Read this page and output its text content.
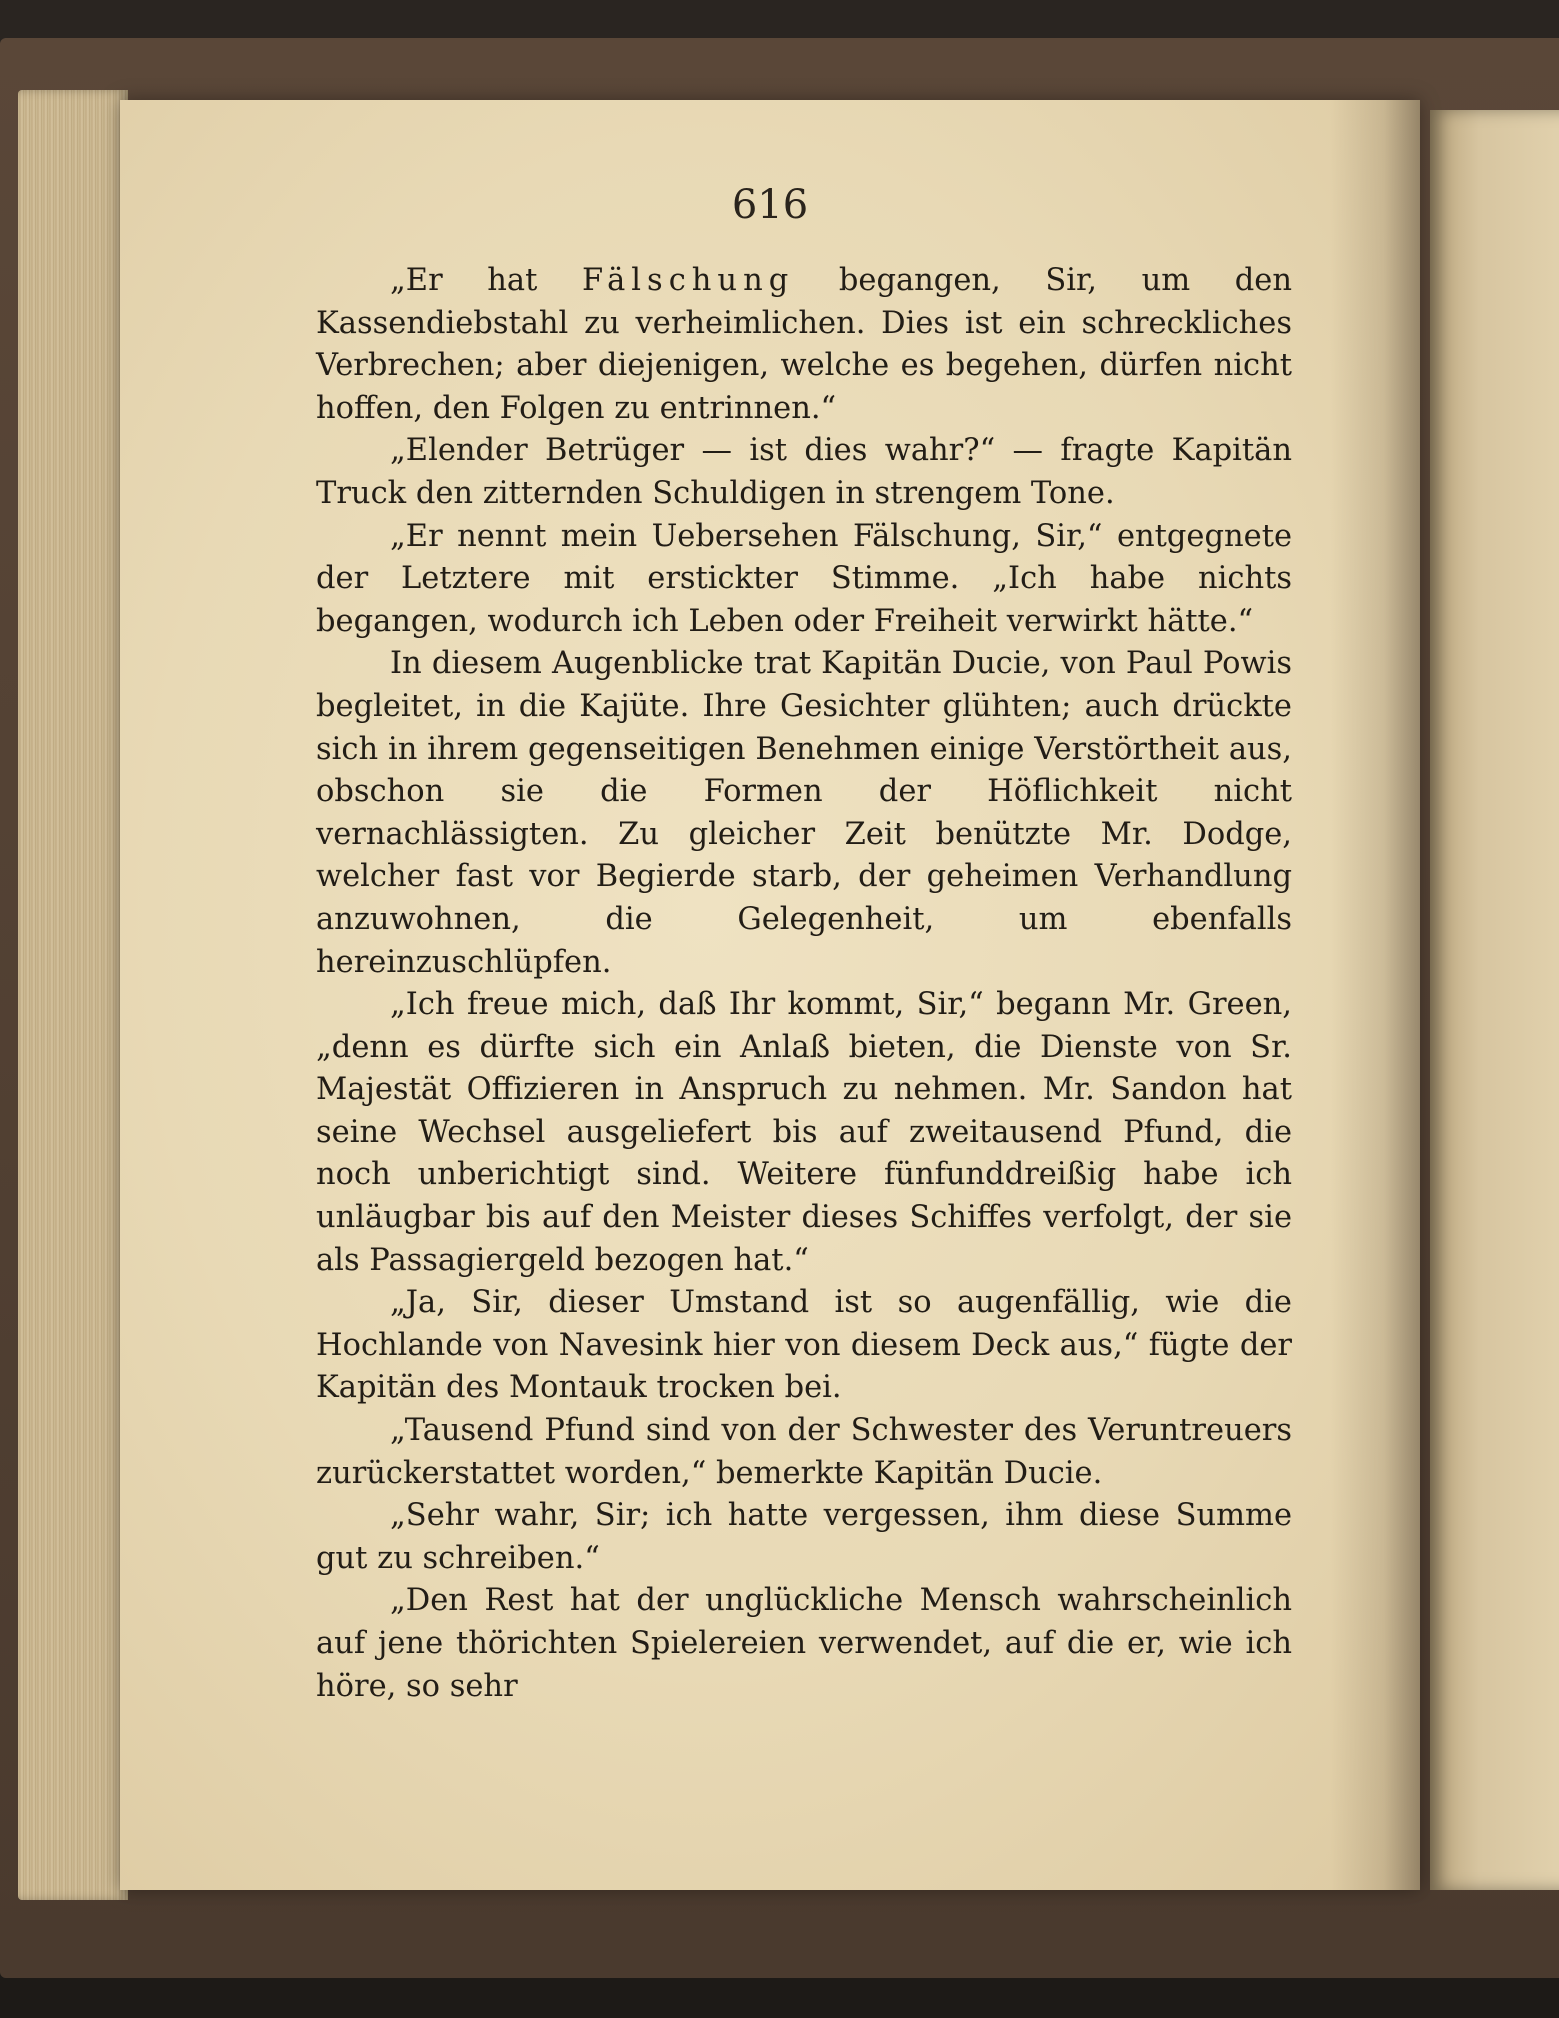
616

„Er hat Fälschung begangen, Sir, um den Kassendiebstahl zu verheimlichen. Dies ist ein schreckliches Verbrechen; aber diejenigen, welche es begehen, dürfen nicht hoffen, den Folgen zu entrinnen.“

„Elender Betrüger — ist dies wahr?“ — fragte Kapitän Truck den zitternden Schuldigen in strengem Tone.

„Er nennt mein Uebersehen Fälschung, Sir,“ entgegnete der Letztere mit erstickter Stimme. „Ich habe nichts begangen, wodurch ich Leben oder Freiheit verwirkt hätte.“

In diesem Augenblicke trat Kapitän Ducie, von Paul Powis begleitet, in die Kajüte. Ihre Gesichter glühten; auch drückte sich in ihrem gegenseitigen Benehmen einige Verstörtheit aus, obschon sie die Formen der Höflichkeit nicht vernachlässigten. Zu gleicher Zeit benützte Mr. Dodge, welcher fast vor Begierde starb, der geheimen Verhandlung anzuwohnen, die Gelegenheit, um ebenfalls hereinzuschlüpfen.

„Ich freue mich, daß Ihr kommt, Sir,“ begann Mr. Green, „denn es dürfte sich ein Anlaß bieten, die Dienste von Sr. Majestät Offizieren in Anspruch zu nehmen. Mr. Sandon hat seine Wechsel ausgeliefert bis auf zweitausend Pfund, die noch unberichtigt sind. Weitere fünfunddreißig habe ich unläugbar bis auf den Meister dieses Schiffes verfolgt, der sie als Passagiergeld bezogen hat.“

„Ja, Sir, dieser Umstand ist so augenfällig, wie die Hochlande von Navesink hier von diesem Deck aus,“ fügte der Kapitän des Montauk trocken bei.

„Tausend Pfund sind von der Schwester des Veruntreuers zurückerstattet worden,“ bemerkte Kapitän Ducie.

„Sehr wahr, Sir; ich hatte vergessen, ihm diese Summe gut zu schreiben.“

„Den Rest hat der unglückliche Mensch wahrscheinlich auf jene thörichten Spielereien verwendet, auf die er, wie ich höre, so sehr
